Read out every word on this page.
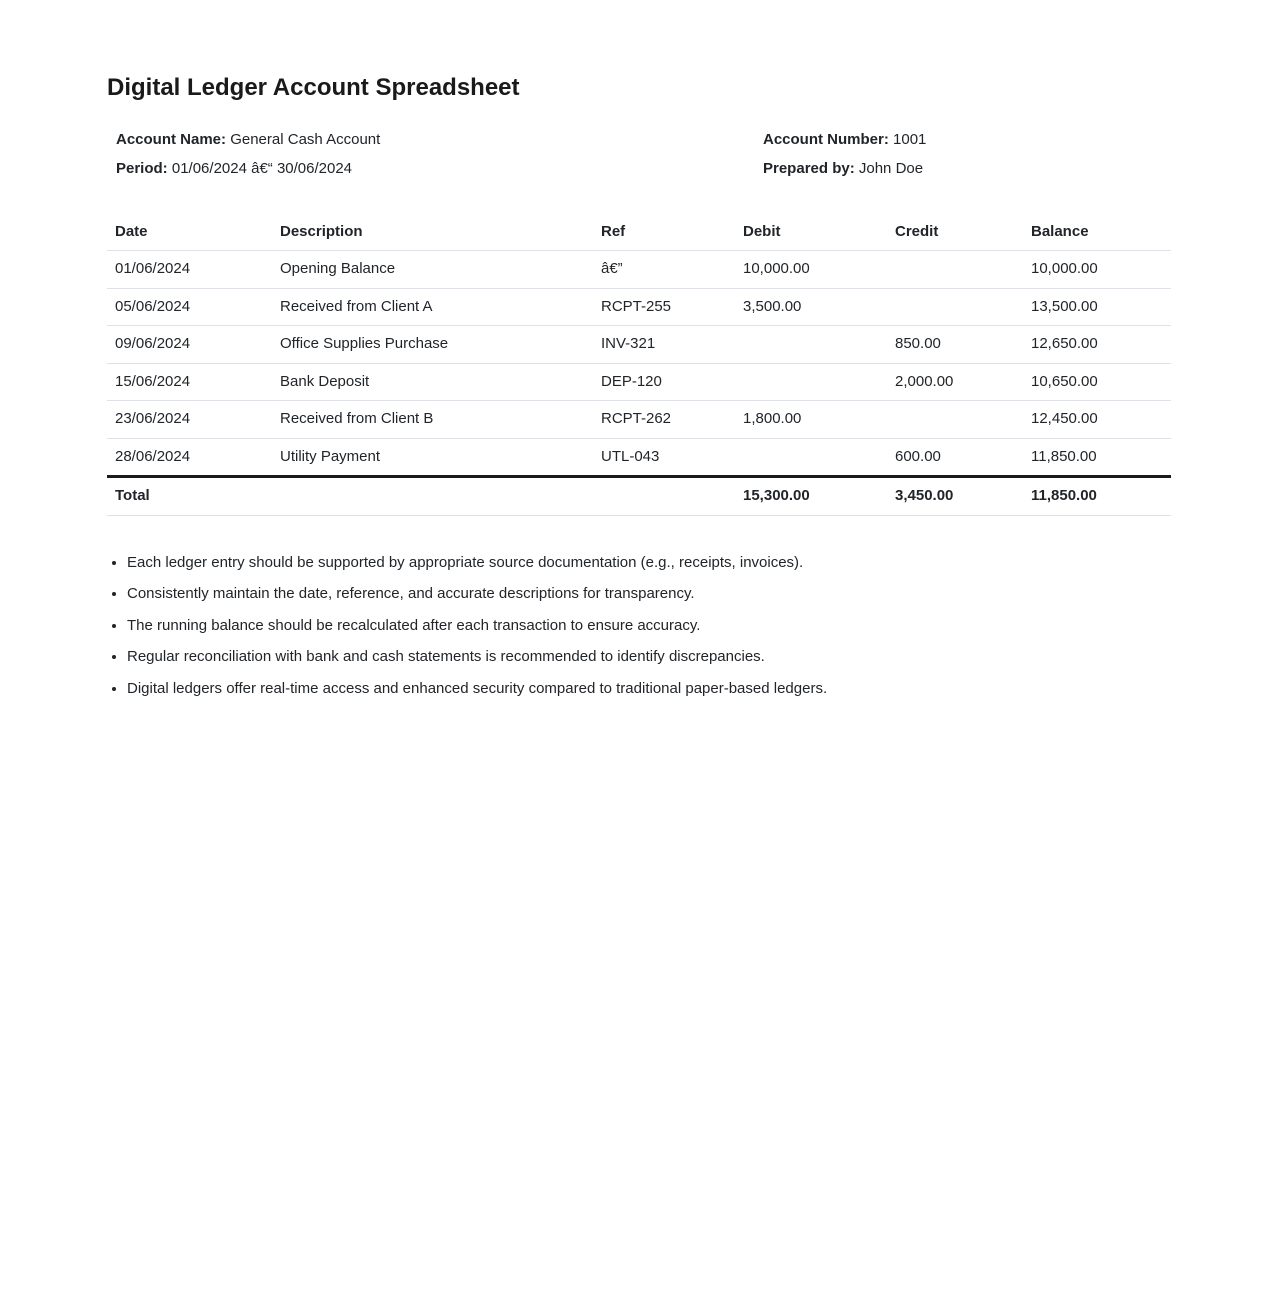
Digital Ledger Account Spreadsheet

Account Name: General Cash Account

Period: 01/06/2024 â€“ 30/06/2024

Account Number: 1001

Prepared by: John Doe

Date	Description	Ref	Debit	Credit	Balance
01/06/2024	Opening Balance	â€”	10,000.00		10,000.00
05/06/2024	Received from Client A	RCPT-255	3,500.00		13,500.00
09/06/2024	Office Supplies Purchase	INV-321		850.00	12,650.00
15/06/2024	Bank Deposit	DEP-120		2,000.00	10,650.00
23/06/2024	Received from Client B	RCPT-262	1,800.00		12,450.00
28/06/2024	Utility Payment	UTL-043		600.00	11,850.00
Total			15,300.00	3,450.00	11,850.00
• Each ledger entry should be supported by appropriate source documentation (e.g., receipts, invoices).
• Consistently maintain the date, reference, and accurate descriptions for transparency.
• The running balance should be recalculated after each transaction to ensure accuracy.
• Regular reconciliation with bank and cash statements is recommended to identify discrepancies.
• Digital ledgers offer real-time access and enhanced security compared to traditional paper-based ledgers.
